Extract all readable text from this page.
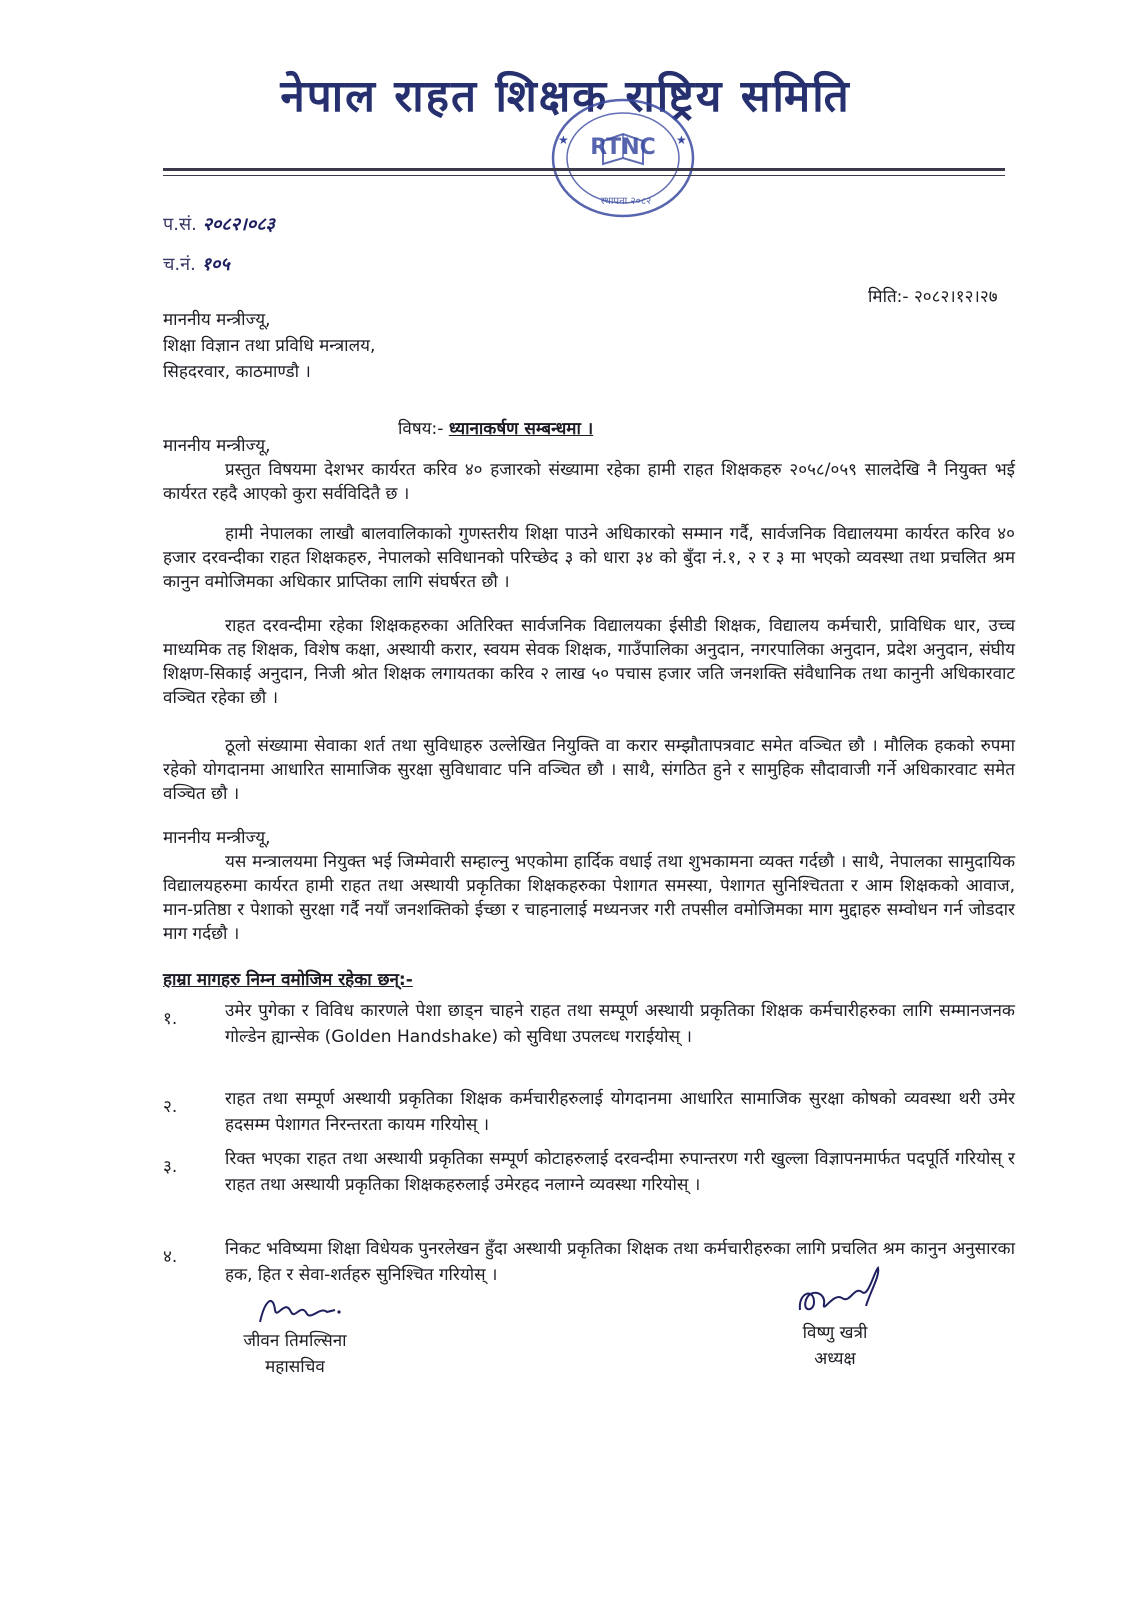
नेपाल राहत शिक्षक राष्ट्रिय समिति
★	★
RTNC
स्थापना २०८२
प.सं. २०८२।०८३
च.नं. १०५
मिति:- २०८२।१२।२७
माननीय मन्त्रीज्यू,
शिक्षा विज्ञान तथा प्रविधि मन्त्रालय,
सिहदरवार, काठमाण्डौ ।
विषय:- ध्यानाकर्षण सम्बन्धमा ।
माननीय मन्त्रीज्यू,
प्रस्तुत विषयमा देशभर कार्यरत करिव ४० हजारको संख्यामा रहेका हामी राहत शिक्षकहरु २०५८/०५९ सालदेखि नै नियुक्त भई कार्यरत रहदै आएको कुरा सर्वविदितै छ ।
हामी नेपालका लाखौ बालवालिकाको गुणस्तरीय शिक्षा पाउने अधिकारको सम्मान गर्दै, सार्वजनिक विद्यालयमा कार्यरत करिव ४० हजार दरवन्दीका राहत शिक्षकहरु, नेपालको सविधानको परिच्छेद ३ को धारा ३४ को बुँदा नं.१, २ र ३ मा भएको व्यवस्था तथा प्रचलित श्रम कानुन वमोजिमका अधिकार प्राप्तिका लागि संघर्षरत छौ ।
राहत दरवन्दीमा रहेका शिक्षकहरुका अतिरिक्त सार्वजनिक विद्यालयका ईसीडी शिक्षक, विद्यालय कर्मचारी, प्राविधिक धार, उच्च माध्यमिक तह शिक्षक, विशेष कक्षा, अस्थायी करार, स्वयम सेवक शिक्षक, गाउँपालिका अनुदान, नगरपालिका अनुदान, प्रदेश अनुदान, संघीय शिक्षण-सिकाई अनुदान, निजी श्रोत शिक्षक लगायतका करिव २ लाख ५० पचास हजार जति जनशक्ति संवैधानिक तथा कानुनी अधिकारवाट वञ्चित रहेका छौ ।
ठूलो संख्यामा सेवाका शर्त तथा सुविधाहरु उल्लेखित नियुक्ति वा करार सम्झौतापत्रवाट समेत वञ्चित छौ । मौलिक हकको रुपमा रहेको योगदानमा आधारित सामाजिक सुरक्षा सुविधावाट पनि वञ्चित छौ । साथै, संगठित हुने र सामुहिक सौदावाजी गर्ने अधिकारवाट समेत वञ्चित छौ ।
माननीय मन्त्रीज्यू,
यस मन्त्रालयमा नियुक्त भई जिम्मेवारी सम्हाल्नु भएकोमा हार्दिक वधाई तथा शुभकामना व्यक्त गर्दछौ । साथै, नेपालका सामुदायिक विद्यालयहरुमा कार्यरत हामी राहत तथा अस्थायी प्रकृतिका शिक्षकहरुका पेशागत समस्या, पेशागत सुनिश्चितता र आम शिक्षकको आवाज, मान-प्रतिष्ठा र पेशाको सुरक्षा गर्दै नयाँ जनशक्तिको ईच्छा र चाहनालाई मध्यनजर गरी तपसील वमोजिमका माग मुद्दाहरु सम्वोधन गर्न जोडदार माग गर्दछौ ।
हाम्रा मागहरु निम्न वमोजिम रहेका छन्:-
१.	उमेर पुगेका र विविध कारणले पेशा छाड्न चाहने राहत तथा सम्पूर्ण अस्थायी प्रकृतिका शिक्षक कर्मचारीहरुका लागि सम्मानजनक गोल्डेन ह्यान्सेक (Golden Handshake) को सुविधा उपलव्ध गराईयोस् ।
२.	राहत तथा सम्पूर्ण अस्थायी प्रकृतिका शिक्षक कर्मचारीहरुलाई योगदानमा आधारित सामाजिक सुरक्षा कोषको व्यवस्था थरी उमेर हदसम्म पेशागत निरन्तरता कायम गरियोस् ।
३.	रिक्त भएका राहत तथा अस्थायी प्रकृतिका सम्पूर्ण कोटाहरुलाई दरवन्दीमा रुपान्तरण गरी खुल्ला विज्ञापनमार्फत पदपूर्ति गरियोस् र राहत तथा अस्थायी प्रकृतिका शिक्षकहरुलाई उमेरहद नलाग्ने व्यवस्था गरियोस् ।
४.	निकट भविष्यमा शिक्षा विधेयक पुनरलेखन हुँदा अस्थायी प्रकृतिका शिक्षक तथा कर्मचारीहरुका लागि प्रचलित श्रम कानुन अनुसारका हक, हित र सेवा-शर्तहरु सुनिश्चित गरियोस् ।
जीवन तिमल्सिना
महासचिव
विष्णु खत्री
अध्यक्ष
